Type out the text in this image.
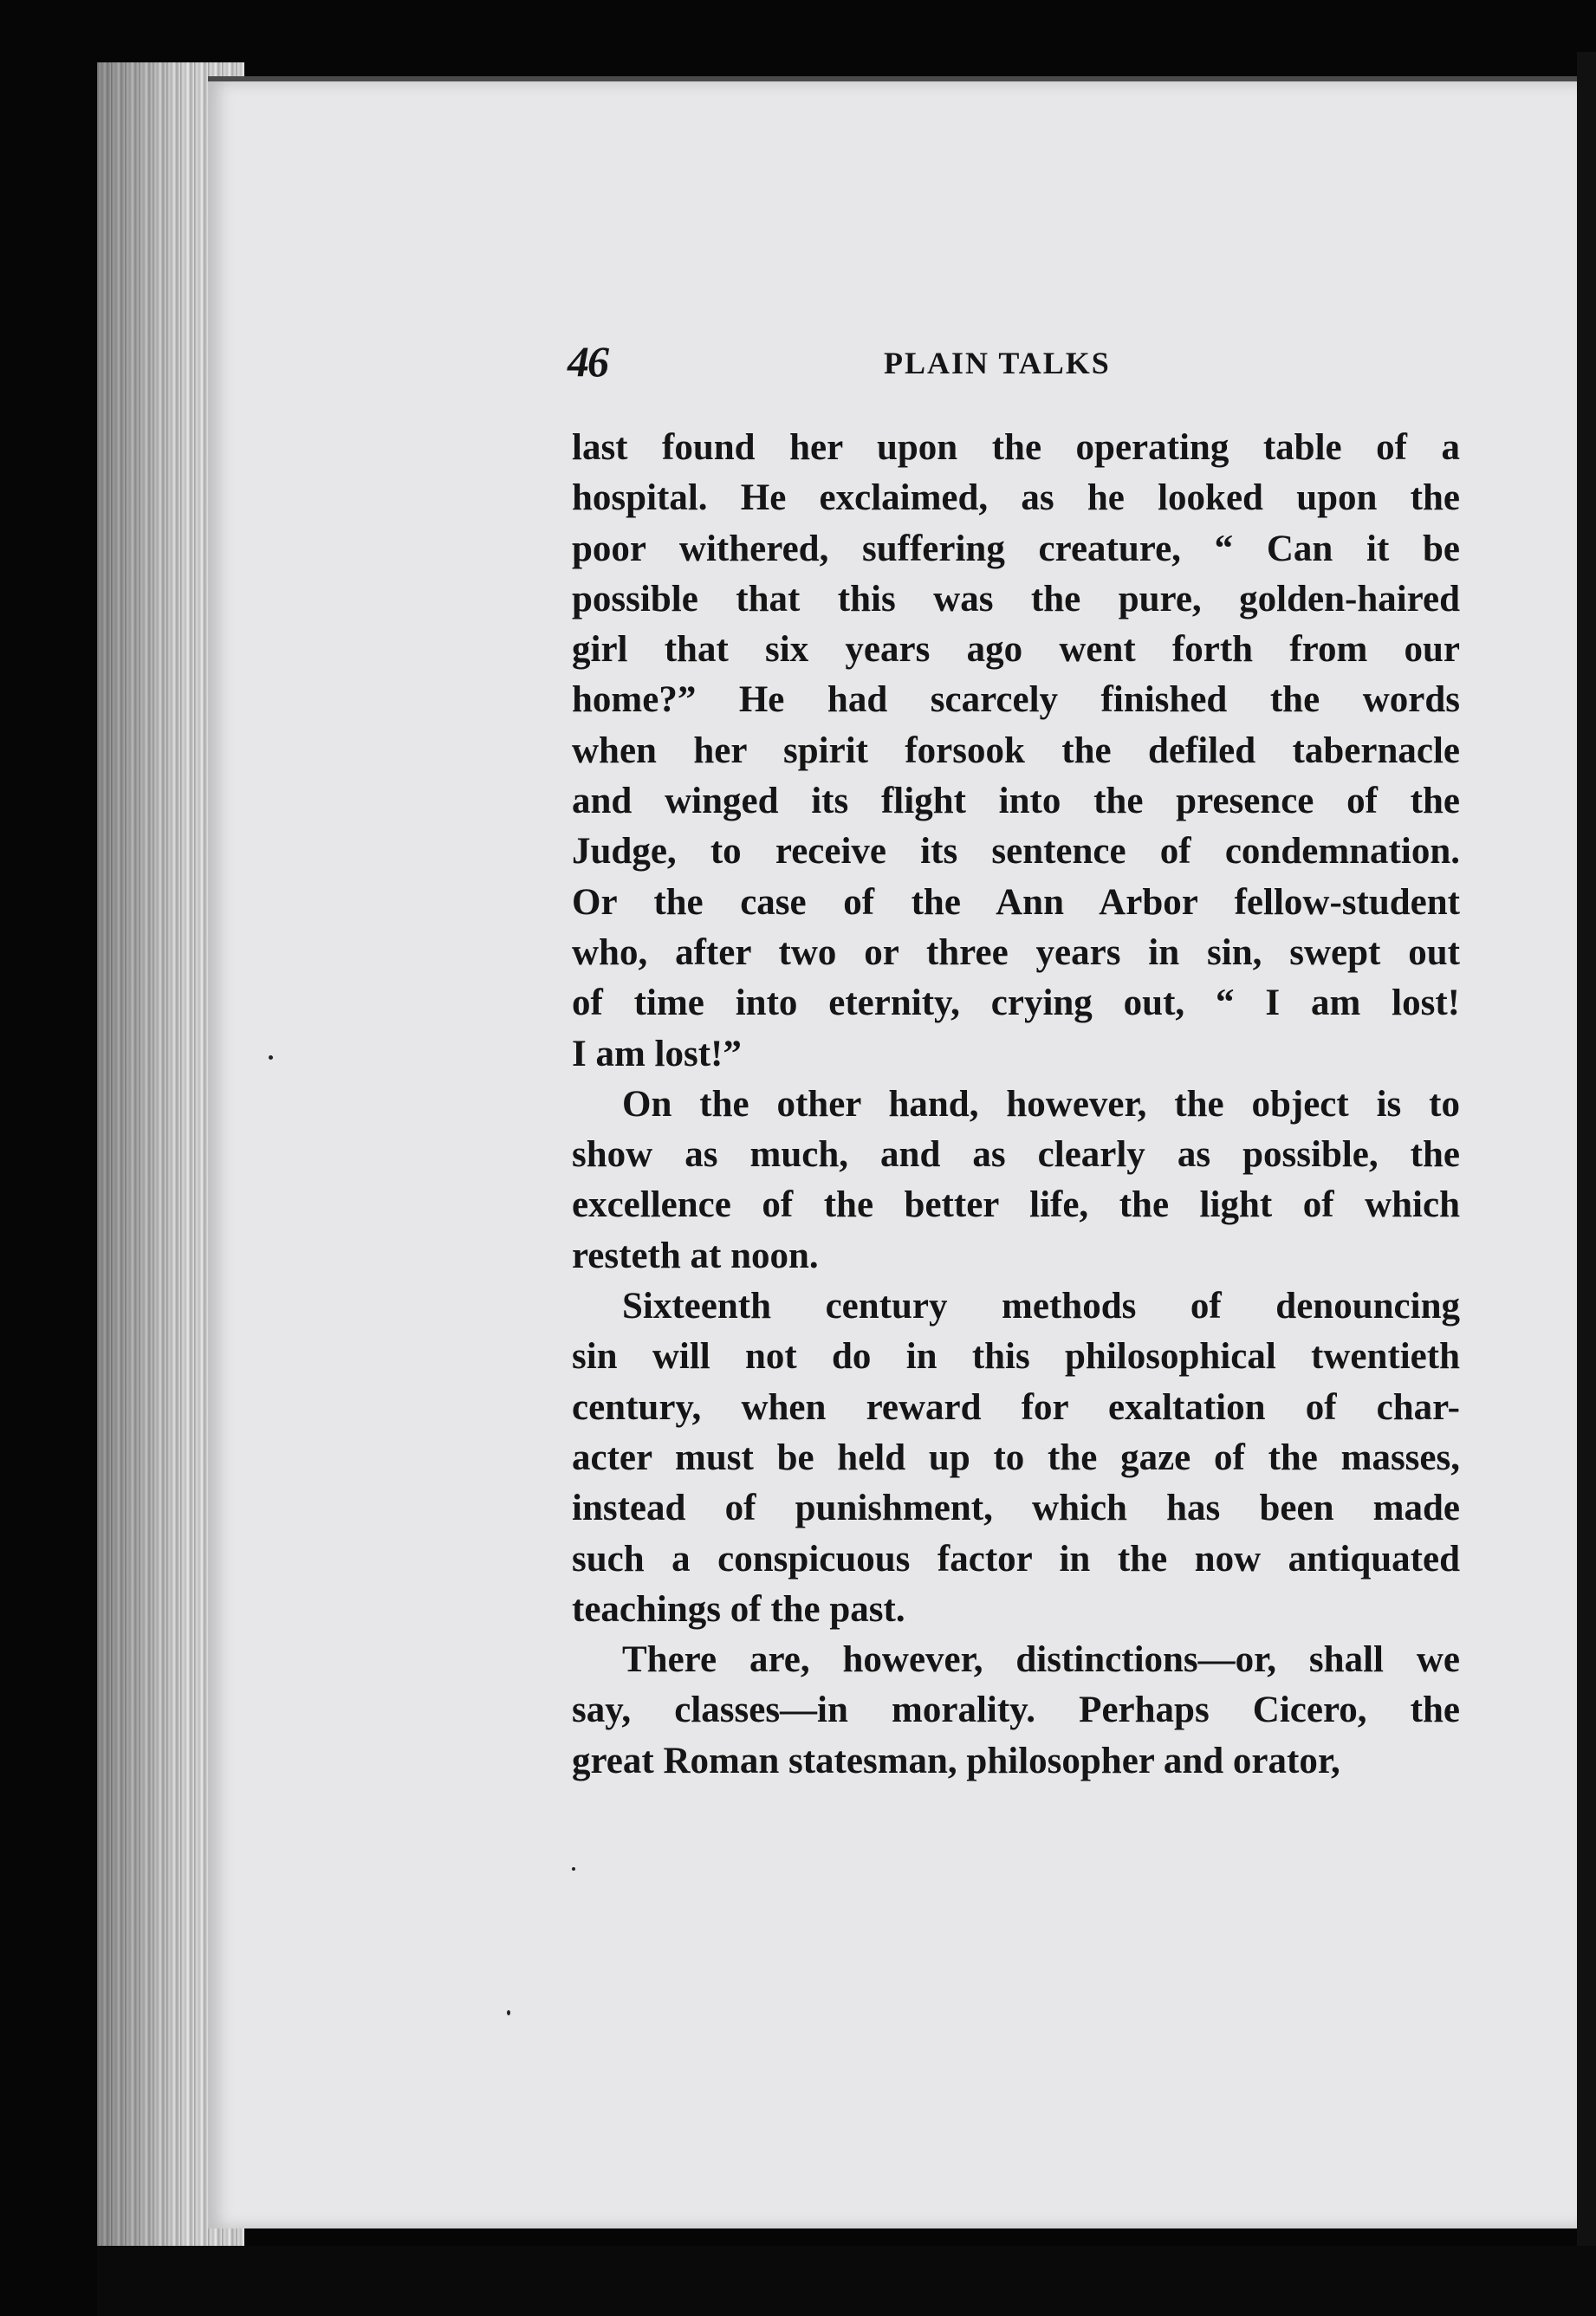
46	PLAIN TALKS

last found her upon the operating table of a
hospital. He exclaimed, as he looked upon the
poor withered, suffering creature, “ Can it be
possible that this was the pure, golden-haired
girl that six years ago went forth from our
home?” He had scarcely finished the words
when her spirit forsook the defiled tabernacle
and winged its flight into the presence of the
Judge, to receive its sentence of condemnation.
Or the case of the Ann Arbor fellow-student
who, after two or three years in sin, swept out
of time into eternity, crying out, “ I am lost!
I am lost!”

On the other hand, however, the object is to
show as much, and as clearly as possible, the
excellence of the better life, the light of which
resteth at noon.

Sixteenth century methods of denouncing
sin will not do in this philosophical twentieth
century, when reward for exaltation of char-
acter must be held up to the gaze of the masses,
instead of punishment, which has been made
such a conspicuous factor in the now antiquated
teachings of the past.

There are, however, distinctions—or, shall we
say, classes—in morality. Perhaps Cicero, the
great Roman statesman, philosopher and orator,
